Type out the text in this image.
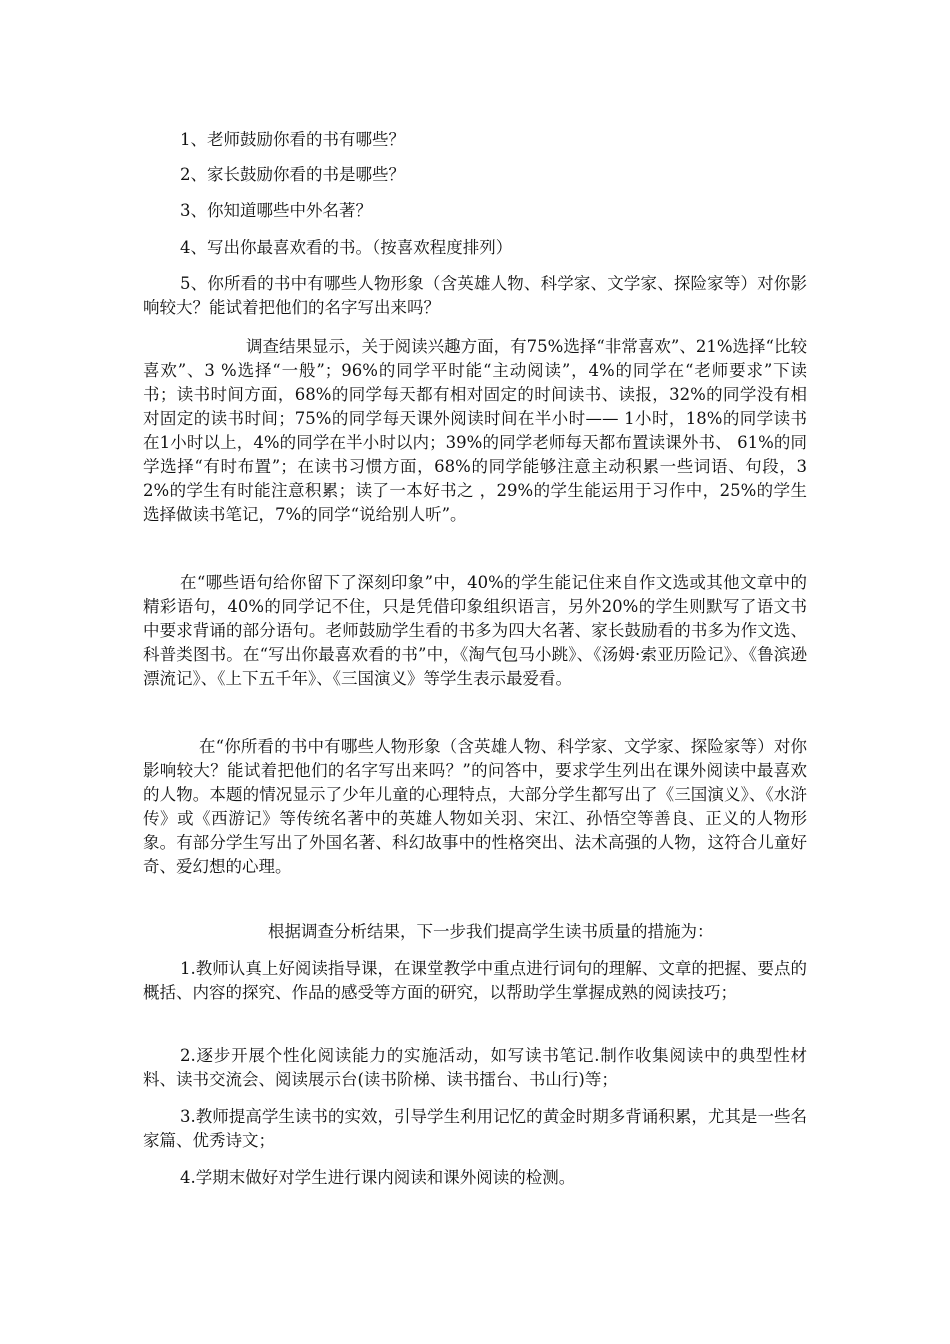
1、老师鼓励你看的书有哪些？

2、家长鼓励你看的书是哪些？

3、你知道哪些中外名著？

4、写出你最喜欢看的书。（按喜欢程度排列）

5、你所看的书中有哪些人物形象（含英雄人物、科学家、文学家、探险家等）对你影响较大？能试着把他们的名字写出来吗？

调查结果显示，关于阅读兴趣方面，有75%选择“非常喜欢”、21%选择“比较喜欢”、3 %选择“一般”；96%的同学平时能“主动阅读”，4%的同学在“老师要求”下读书；读书时间方面，68%的同学每天都有相对固定的时间读书、读报，32%的同学没有相对固定的读书时间；75%的同学每天课外阅读时间在半小时—— 1小时，18%的同学读书在1小时以上，4%的同学在半小时以内；39%的同学老师每天都布置读课外书、 61%的同学选择“有时布置”；在读书习惯方面，68%的同学能够注意主动积累一些词语、句段，32%的学生有时能注意积累；读了一本好书之 ，29%的学生能运用于习作中，25%的学生选择做读书笔记，7%的同学“说给别人听”。

在“哪些语句给你留下了深刻印象”中，40%的学生能记住来自作文选或其他文章中的精彩语句，40%的同学记不住，只是凭借印象组织语言，另外20%的学生则默写了语文书中要求背诵的部分语句。老师鼓励学生看的书多为四大名著、家长鼓励看的书多为作文选、科普类图书。在“写出你最喜欢看的书”中，《淘气包马小跳》、《汤姆·索亚历险记》、《鲁滨逊漂流记》、《上下五千年》、《三国演义》等学生表示最爱看。

在“你所看的书中有哪些人物形象（含英雄人物、科学家、文学家、探险家等）对你影响较大？能试着把他们的名字写出来吗？”的问答中，要求学生列出在课外阅读中最喜欢的人物。本题的情况显示了少年儿童的心理特点，大部分学生都写出了《三国演义》、《水浒传》或《西游记》等传统名著中的英雄人物如关羽、宋江、孙悟空等善良、正义的人物形象。有部分学生写出了外国名著、科幻故事中的性格突出、法术高强的人物，这符合儿童好奇、爱幻想的心理。

根据调查分析结果，下一步我们提高学生读书质量的措施为：

1.教师认真上好阅读指导课，在课堂教学中重点进行词句的理解、文章的把握、要点的概括、内容的探究、作品的感受等方面的研究，以帮助学生掌握成熟的阅读技巧；

2.逐步开展个性化阅读能力的实施活动，如写读书笔记.制作收集阅读中的典型性材料、读书交流会、阅读展示台(读书阶梯、读书擂台、书山行)等；

3.教师提高学生读书的实效，引导学生利用记忆的黄金时期多背诵积累，尤其是一些名家篇、优秀诗文；

4.学期末做好对学生进行课内阅读和课外阅读的检测。
